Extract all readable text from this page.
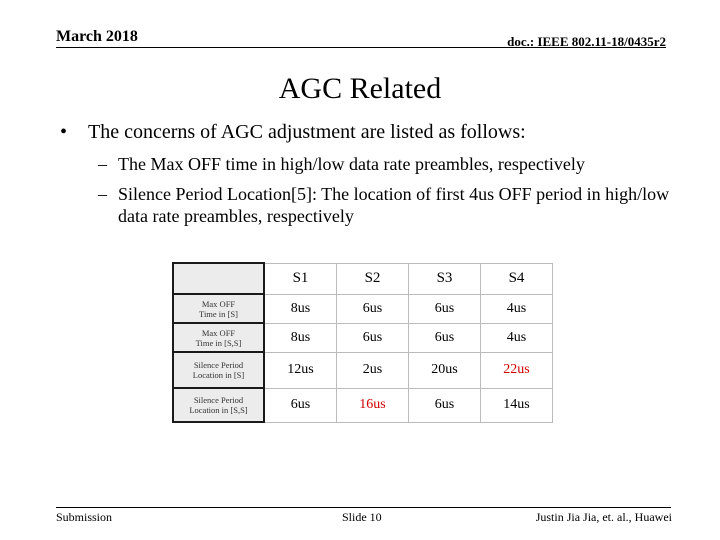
March 2018	doc.: IEEE 802.11-18/0435r2
AGC Related
•	The concerns of AGC adjustment are listed as follows:
– The Max OFF time in high/low data rate preambles, respectively
– Silence Period Location[5]: The location of first 4us OFF period in high/low data rate preambles, respectively
	S1	S2	S3	S4

Max OFF
Time in [S]	8us	6us	6us	4us

Max OFF
Time in [S,S]	8us	6us	6us	4us

Silence Period
Location in [S]	12us	2us	20us	22us

Silence Period
Location in [S,S]	6us	16us	6us	14us
Submission	Slide 10	Justin Jia Jia, et. al., Huawei
